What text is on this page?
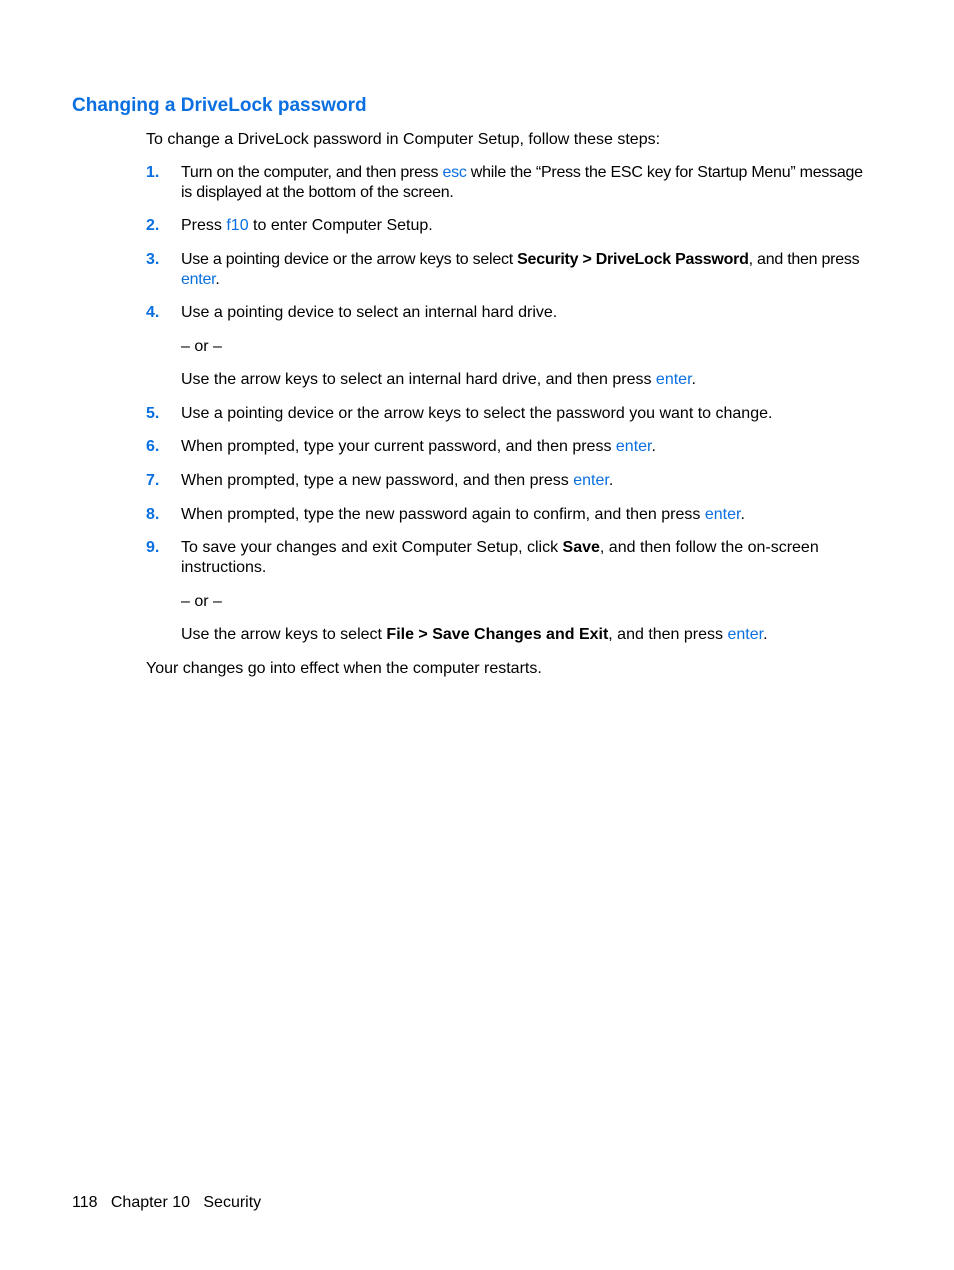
Changing a DriveLock password

To change a DriveLock password in Computer Setup, follow these steps:

1. Turn on the computer, and then press esc while the “Press the ESC key for Startup Menu” message is displayed at the bottom of the screen.
2. Press f10 to enter Computer Setup.
3. Use a pointing device or the arrow keys to select Security > DriveLock Password, and then press enter.
4. Use a pointing device to select an internal hard drive.
– or –
Use the arrow keys to select an internal hard drive, and then press enter.
5. Use a pointing device or the arrow keys to select the password you want to change.
6. When prompted, type your current password, and then press enter.
7. When prompted, type a new password, and then press enter.
8. When prompted, type the new password again to confirm, and then press enter.
9. To save your changes and exit Computer Setup, click Save, and then follow the on-screen instructions.
– or –
Use the arrow keys to select File > Save Changes and Exit, and then press enter.
Your changes go into effect when the computer restarts.
118 Chapter 10 Security
